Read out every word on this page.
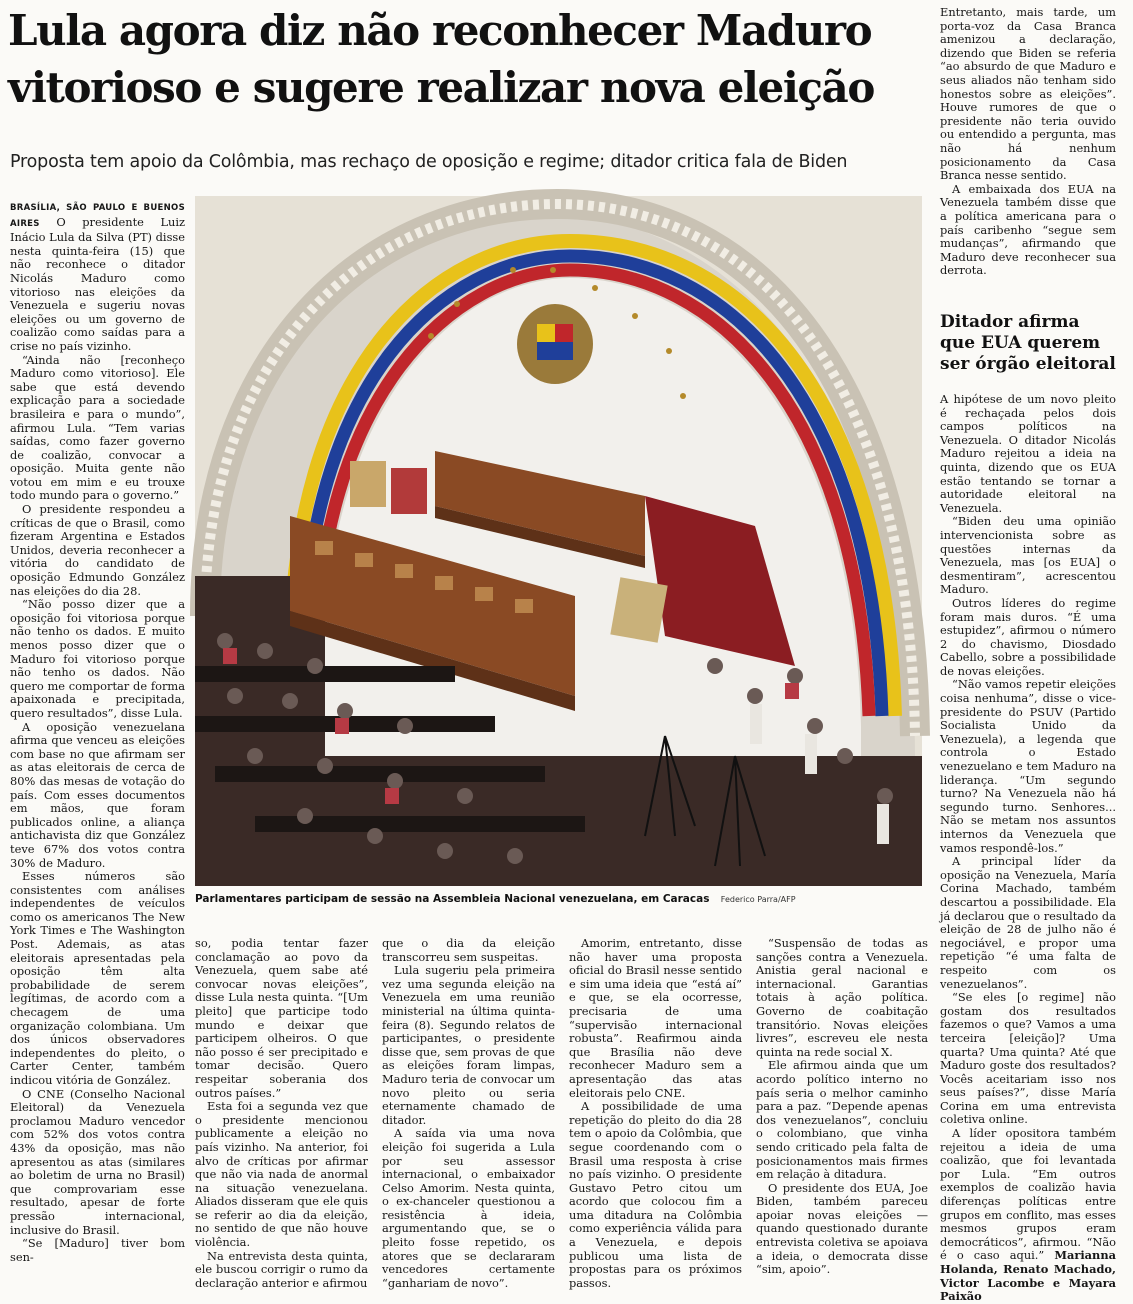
Lula agora diz não reconhecer Maduro vitorioso e sugere realizar nova eleição

Proposta tem apoio da Colômbia, mas rechaço de oposição e regime; ditador critica fala de Biden

BRASÍLIA, SÃO PAULO E BUENOS AIRES O presidente Luiz Inácio Lula da Silva (PT) disse nesta quinta-feira (15) que não reconhece o ditador Nicolás Maduro como vitorioso nas eleições da Venezuela e sugeriu novas eleições ou um governo de coalizão como saídas para a crise no país vizinho.

“Ainda não [reconheço Maduro como vitorioso]. Ele sabe que está devendo explicação para a sociedade brasileira e para o mundo”, afirmou Lula. “Tem varias saídas, como fazer governo de coalizão, convocar a oposição. Muita gente não votou em mim e eu trouxe todo mundo para o governo.”

O presidente respondeu a críticas de que o Brasil, como fizeram Argentina e Estados Unidos, deveria reconhecer a vitória do candidato de oposição Edmundo González nas eleições do dia 28.

“Não posso dizer que a oposição foi vitoriosa porque não tenho os dados. E muito menos posso dizer que o Maduro foi vitorioso porque não tenho os dados. Não quero me comportar de forma apaixonada e precipitada, quero resultados”, disse Lula.

A oposição venezuelana afirma que venceu as eleições com base no que afirmam ser as atas eleitorais de cerca de 80% das mesas de votação do país. Com esses documentos em mãos, que foram publicados online, a aliança antichavista diz que González teve 67% dos votos contra 30% de Maduro.

Esses números são consistentes com análises independentes de veículos como os americanos The New York Times e The Washington Post. Ademais, as atas eleitorais apresentadas pela oposição têm alta probabilidade de serem legítimas, de acordo com a checagem de uma organização colombiana. Um dos únicos observadores independentes do pleito, o Carter Center, também indicou vitória de González.

O CNE (Conselho Nacional Eleitoral) da Venezuela proclamou Maduro vencedor com 52% dos votos contra 43% da oposição, mas não apresentou as atas (similares ao boletim de urna no Brasil) que comprovariam esse resultado, apesar de forte pressão internacional, inclusive do Brasil.

“Se [Maduro] tiver bom sen-

Parlamentares participam de sessão na Assembleia Nacional venezuelana, em Caracas Federico Parra/AFP

so, podia tentar fazer conclamação ao povo da Venezuela, quem sabe até convocar novas eleições”, disse Lula nesta quinta. “[Um pleito] que participe todo mundo e deixar que participem olheiros. O que não posso é ser precipitado e tomar decisão. Quero respeitar soberania dos outros países.”

Esta foi a segunda vez que o presidente mencionou publicamente a eleição no país vizinho. Na anterior, foi alvo de críticas por afirmar que não via nada de anormal na situação venezuelana. Aliados disseram que ele quis se referir ao dia da eleição, no sentido de que não houve violência.

Na entrevista desta quinta, ele buscou corrigir o rumo da declaração anterior e afirmou

que o dia da eleição transcorreu sem suspeitas.

Lula sugeriu pela primeira vez uma segunda eleição na Venezuela em uma reunião ministerial na última quinta-feira (8). Segundo relatos de participantes, o presidente disse que, sem provas de que as eleições foram limpas, Maduro teria de convocar um novo pleito ou seria eternamente chamado de ditador.

A saída via uma nova eleição foi sugerida a Lula por seu assessor internacional, o embaixador Celso Amorim. Nesta quinta, o ex-chanceler questionou a resistência à ideia, argumentando que, se o pleito fosse repetido, os atores que se declararam vencedores certamente “ganhariam de novo”.

Amorim, entretanto, disse não haver uma proposta oficial do Brasil nesse sentido e sim uma ideia que “está aí” e que, se ela ocorresse, precisaria de uma “supervisão internacional robusta”. Reafirmou ainda que Brasília não deve reconhecer Maduro sem a apresentação das atas eleitorais pelo CNE.

A possibilidade de uma repetição do pleito do dia 28 tem o apoio da Colômbia, que segue coordenando com o Brasil uma resposta à crise no país vizinho. O presidente Gustavo Petro citou um acordo que colocou fim a uma ditadura na Colômbia como experiência válida para a Venezuela, e depois publicou uma lista de propostas para os próximos passos.

“Suspensão de todas as sanções contra a Venezuela. Anistia geral nacional e internacional. Garantias totais à ação política. Governo de coabitação transitório. Novas eleições livres”, escreveu ele nesta quinta na rede social X.

Ele afirmou ainda que um acordo político interno no país seria o melhor caminho para a paz. “Depende apenas dos venezuelanos”, concluiu o colombiano, que vinha sendo criticado pela falta de posicionamentos mais firmes em relação à ditadura.

O presidente dos EUA, Joe Biden, também pareceu apoiar novas eleições —quando questionado durante entrevista coletiva se apoiava a ideia, o democrata disse “sim, apoio”.

Entretanto, mais tarde, um porta-voz da Casa Branca amenizou a declaração, dizendo que Biden se referia “ao absurdo de que Maduro e seus aliados não tenham sido honestos sobre as eleições”. Houve rumores de que o presidente não teria ouvido ou entendido a pergunta, mas não há nenhum posicionamento da Casa Branca nesse sentido.

A embaixada dos EUA na Venezuela também disse que a política americana para o país caribenho “segue sem mudanças”, afirmando que Maduro deve reconhecer sua derrota.

Ditador afirma que EUA querem ser órgão eleitoral

A hipótese de um novo pleito é rechaçada pelos dois campos políticos na Venezuela. O ditador Nicolás Maduro rejeitou a ideia na quinta, dizendo que os EUA estão tentando se tornar a autoridade eleitoral na Venezuela.

“Biden deu uma opinião intervencionista sobre as questões internas da Venezuela, mas [os EUA] o desmentiram”, acrescentou Maduro.

Outros líderes do regime foram mais duros. “É uma estupidez”, afirmou o número 2 do chavismo, Diosdado Cabello, sobre a possibilidade de novas eleições.

“Não vamos repetir eleições coisa nenhuma”, disse o vice-presidente do PSUV (Partido Socialista Unido da Venezuela), a legenda que controla o Estado venezuelano e tem Maduro na liderança. “Um segundo turno? Na Venezuela não há segundo turno. Senhores... Não se metam nos assuntos internos da Venezuela que vamos respondê-los.”

A principal líder da oposição na Venezuela, María Corina Machado, também descartou a possibilidade. Ela já declarou que o resultado da eleição de 28 de julho não é negociável, e propor uma repetição “é uma falta de respeito com os venezuelanos”.

“Se eles [o regime] não gostam dos resultados fazemos o que? Vamos a uma terceira [eleição]? Uma quarta? Uma quinta? Até que Maduro goste dos resultados? Vocês aceitariam isso nos seus países?”, disse María Corina em uma entrevista coletiva online.

A líder opositora também rejeitou a ideia de uma coalizão, que foi levantada por Lula. “Em outros exemplos de coalizão havia diferenças políticas entre grupos em conflito, mas esses mesmos grupos eram democráticos”, afirmou. “Não é o caso aqui.” Marianna Holanda, Renato Machado, Victor Lacombe e Mayara Paixão
